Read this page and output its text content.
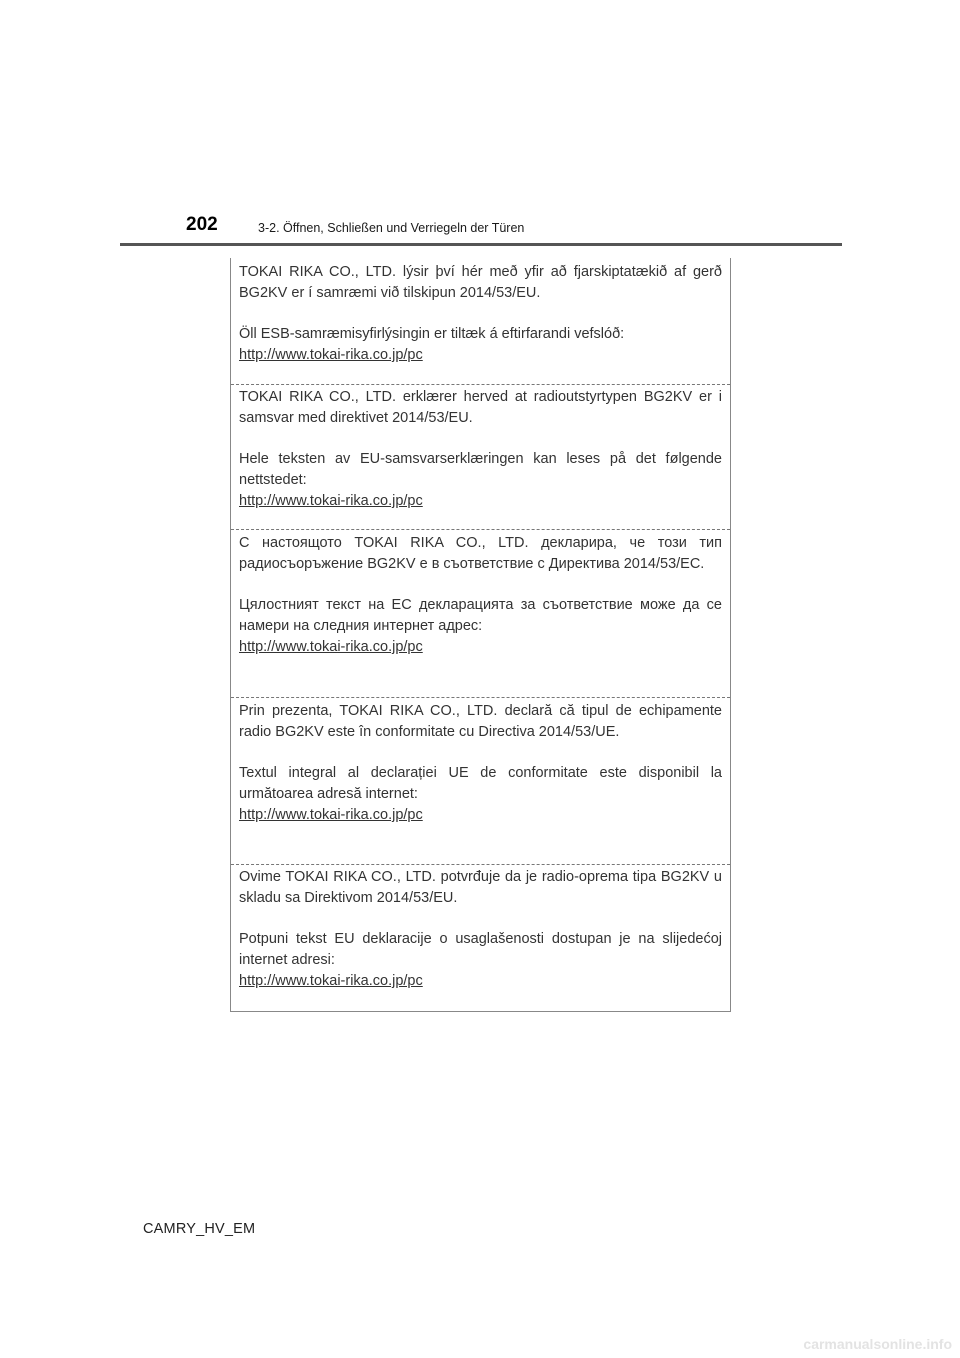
202	3-2. Öffnen, Schließen und Verriegeln der Türen

TOKAI RIKA CO., LTD. lýsir því hér með yfir að fjarskiptatækið af gerð BG2KV er í samræmi við tilskipun 2014/53/EU.

Öll ESB-samræmisyfirlýsingin er tiltæk á eftirfarandi vefslóð:

http://www.tokai-rika.co.jp/pc

TOKAI RIKA CO., LTD. erklærer herved at radioutstyrtypen BG2KV er i samsvar med direktivet 2014/53/EU.

Hele teksten av EU-samsvarserklæringen kan leses på det følgende nettstedet:

http://www.tokai-rika.co.jp/pc

С настоящото TOKAI RIKA CO., LTD. декларира, че този тип радиосъоръжение BG2KV е в съответствие с Директива 2014/53/ЕС.

Цялостният текст на ЕС декларацията за съответствие може да се намери на следния интернет адрес:

http://www.tokai-rika.co.jp/pc

Prin prezenta, TOKAI RIKA CO., LTD. declară că tipul de echipamente radio BG2KV este în conformitate cu Directiva 2014/53/UE.

Textul integral al declarației UE de conformitate este disponibil la următoarea adresă internet:

http://www.tokai-rika.co.jp/pc

Ovime TOKAI RIKA CO., LTD. potvrđuje da je radio-oprema tipa BG2KV u skladu sa Direktivom 2014/53/EU.

Potpuni tekst EU deklaracije o usaglašenosti dostupan je na slijedećoj internet adresi:

http://www.tokai-rika.co.jp/pc
CAMRY_HV_EM
carmanualsonline.info
